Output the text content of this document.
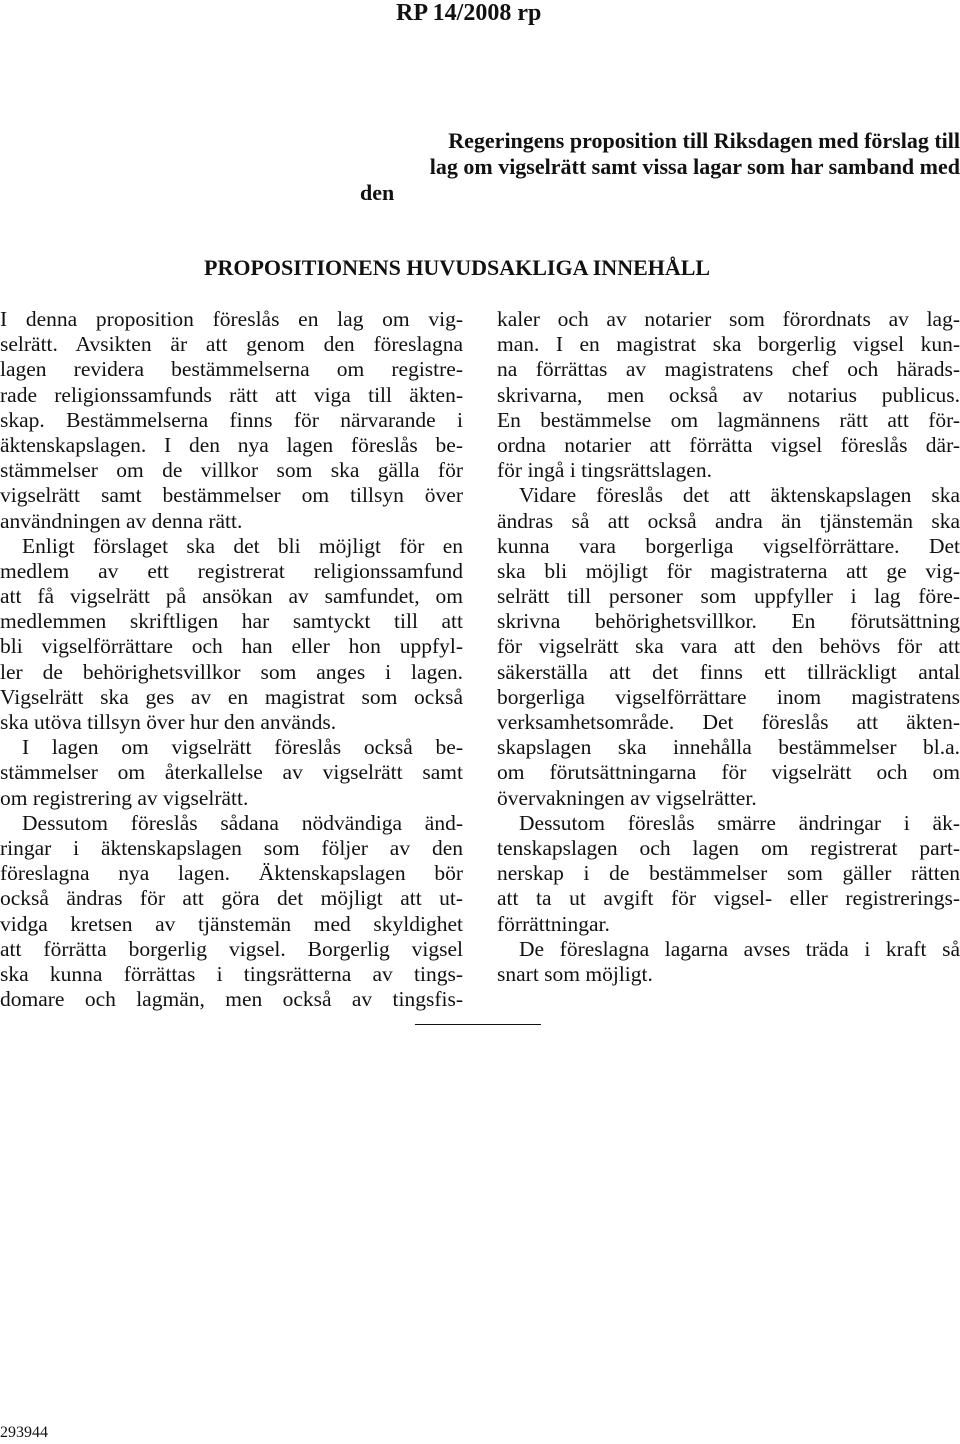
RP 14/2008 rp
Regeringens proposition till Riksdagen med förslag till
lag om vigselrätt samt vissa lagar som har samband med
den
PROPOSITIONENS HUVUDSAKLIGA INNEHÅLL
I denna proposition föreslås en lag om vig-
selrätt. Avsikten är att genom den föreslagna
lagen revidera bestämmelserna om registre-
rade religionssamfunds rätt att viga till äkten-
skap. Bestämmelserna finns för närvarande i
äktenskapslagen. I den nya lagen föreslås be-
stämmelser om de villkor som ska gälla för
vigselrätt samt bestämmelser om tillsyn över
användningen av denna rätt.
Enligt förslaget ska det bli möjligt för en
medlem av ett registrerat religionssamfund
att få vigselrätt på ansökan av samfundet, om
medlemmen skriftligen har samtyckt till att
bli vigselförrättare och han eller hon uppfyl-
ler de behörighetsvillkor som anges i lagen.
Vigselrätt ska ges av en magistrat som också
ska utöva tillsyn över hur den används.
I lagen om vigselrätt föreslås också be-
stämmelser om återkallelse av vigselrätt samt
om registrering av vigselrätt.
Dessutom föreslås sådana nödvändiga änd-
ringar i äktenskapslagen som följer av den
föreslagna nya lagen. Äktenskapslagen bör
också ändras för att göra det möjligt att ut-
vidga kretsen av tjänstemän med skyldighet
att förrätta borgerlig vigsel. Borgerlig vigsel
ska kunna förrättas i tingsrätterna av tings-
domare och lagmän, men också av tingsfis-
kaler och av notarier som förordnats av lag-
man. I en magistrat ska borgerlig vigsel kun-
na förrättas av magistratens chef och härads-
skrivarna, men också av notarius publicus.
En bestämmelse om lagmännens rätt att för-
ordna notarier att förrätta vigsel föreslås där-
för ingå i tingsrättslagen.
Vidare föreslås det att äktenskapslagen ska
ändras så att också andra än tjänstemän ska
kunna vara borgerliga vigselförrättare. Det
ska bli möjligt för magistraterna att ge vig-
selrätt till personer som uppfyller i lag före-
skrivna behörighetsvillkor. En förutsättning
för vigselrätt ska vara att den behövs för att
säkerställa att det finns ett tillräckligt antal
borgerliga vigselförrättare inom magistratens
verksamhetsområde. Det föreslås att äkten-
skapslagen ska innehålla bestämmelser bl.a.
om förutsättningarna för vigselrätt och om
övervakningen av vigselrätter.
Dessutom föreslås smärre ändringar i äk-
tenskapslagen och lagen om registrerat part-
nerskap i de bestämmelser som gäller rätten
att ta ut avgift för vigsel- eller registrerings-
förrättningar.
De föreslagna lagarna avses träda i kraft så
snart som möjligt.
293944
